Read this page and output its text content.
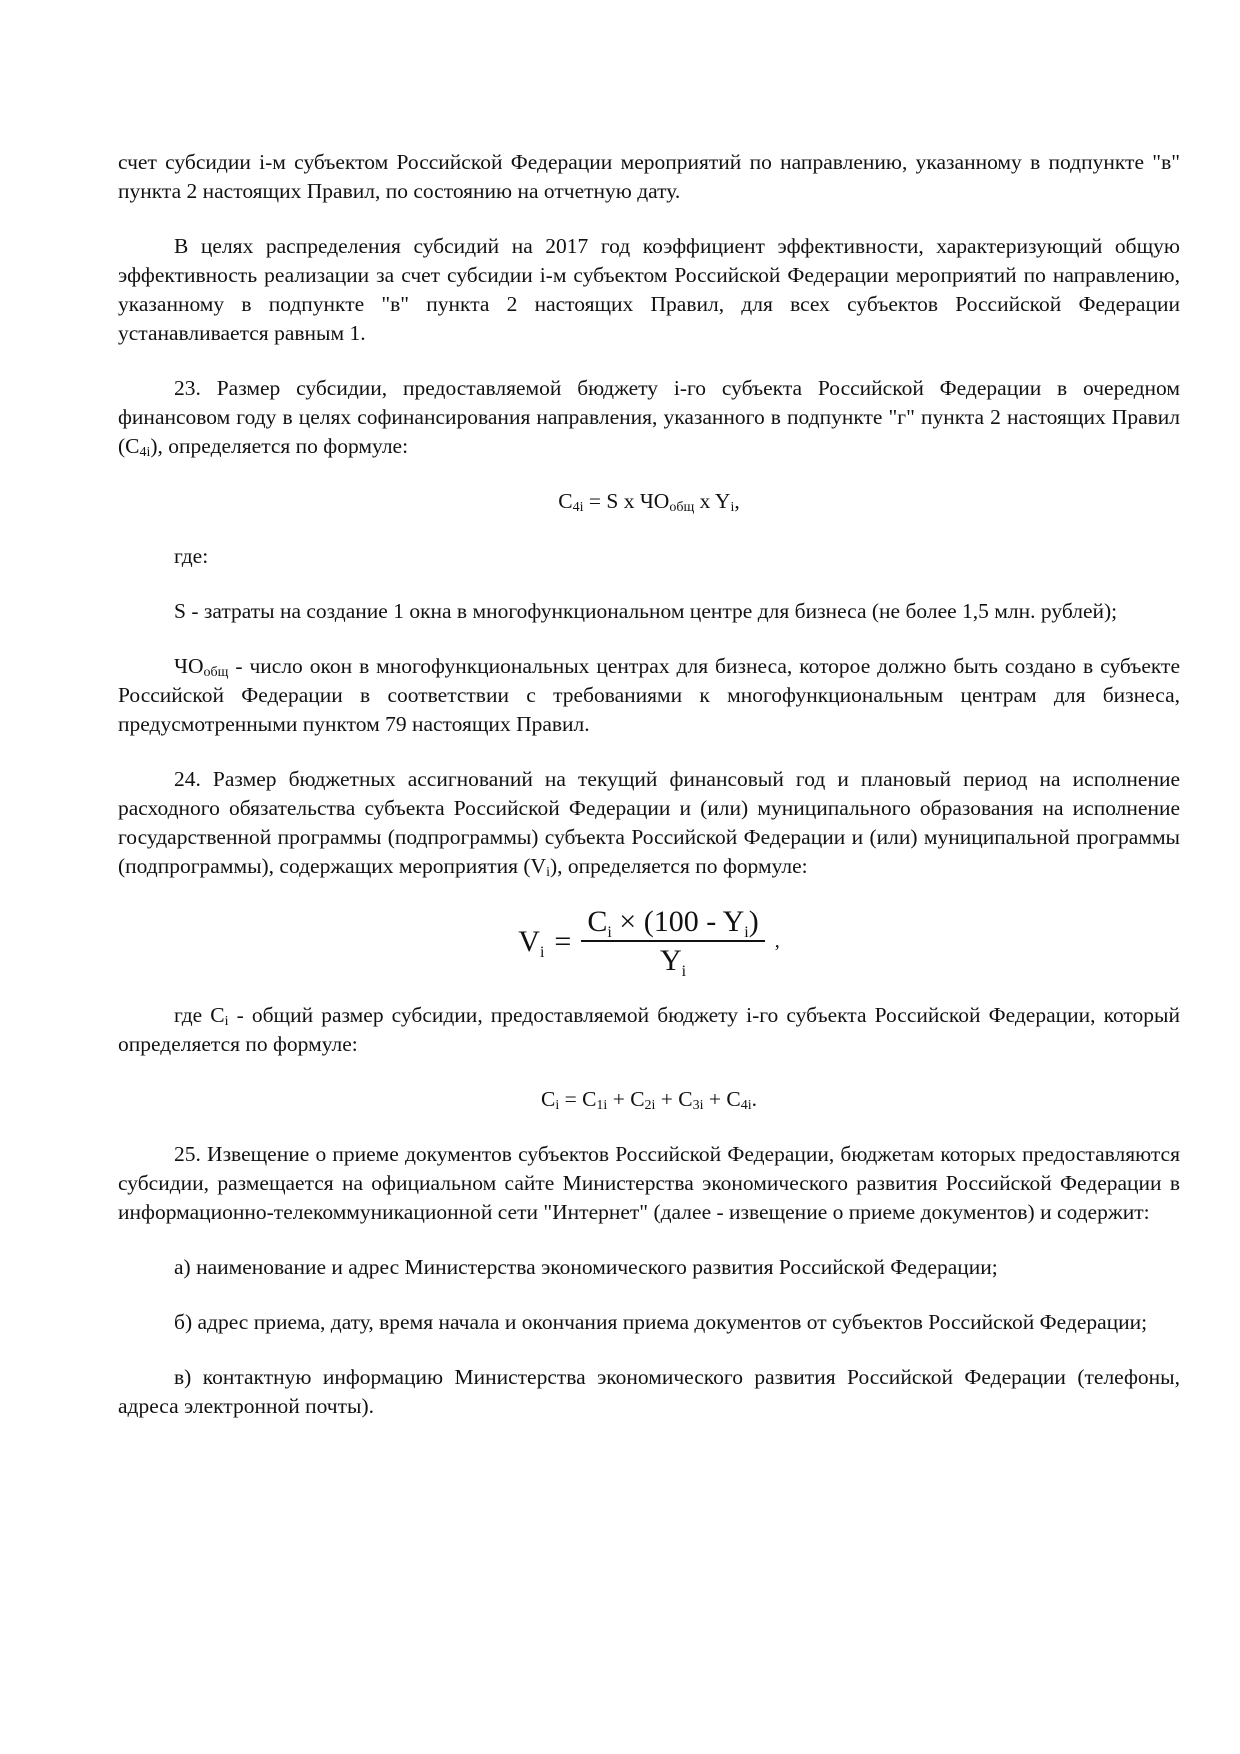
счет субсидии i-м субъектом Российской Федерации мероприятий по направлению, указанному в подпункте "в" пункта 2 настоящих Правил, по состоянию на отчетную дату.

В целях распределения субсидий на 2017 год коэффициент эффективности, характеризующий общую эффективность реализации за счет субсидии i-м субъектом Российской Федерации мероприятий по направлению, указанному в подпункте "в" пункта 2 настоящих Правил, для всех субъектов Российской Федерации устанавливается равным 1.

23. Размер субсидии, предоставляемой бюджету i-го субъекта Российской Федерации в очередном финансовом году в целях софинансирования направления, указанного в подпункте "г" пункта 2 настоящих Правил $(C_{4i})$, определяется по формуле:

$C_{4i} = S$ x $ЧО_{общ}$ x $Y_i$,

где:

S - затраты на создание 1 окна в многофункциональном центре для бизнеса (не более 1,5 млн. рублей);

$ЧО_{общ}$ - число окон в многофункциональных центрах для бизнеса, которое должно быть создано в субъекте Российской Федерации в соответствии с требованиями к многофункциональным центрам для бизнеса, предусмотренными пунктом 79 настоящих Правил.

24. Размер бюджетных ассигнований на текущий финансовый год и плановый период на исполнение расходного обязательства субъекта Российской Федерации и (или) муниципального образования на исполнение государственной программы (подпрограммы) субъекта Российской Федерации и (или) муниципальной программы (подпрограммы), содержащих мероприятия $(V_i)$, определяется по формуле:

$V_i = \frac{C_i \times (100 - Y_i)}{Y_i}$ ,

где $C_i$ - общий размер субсидии, предоставляемой бюджету i-го субъекта Российской Федерации, который определяется по формуле:

$C_i = C_{1i} + C_{2i} + C_{3i} + C_{4i}$.

25. Извещение о приеме документов субъектов Российской Федерации, бюджетам которых предоставляются субсидии, размещается на официальном сайте Министерства экономического развития Российской Федерации в информационно-телекоммуникационной сети "Интернет" (далее - извещение о приеме документов) и содержит:

а) наименование и адрес Министерства экономического развития Российской Федерации;

б) адрес приема, дату, время начала и окончания приема документов от субъектов Российской Федерации;

в) контактную информацию Министерства экономического развития Российской Федерации (телефоны, адреса электронной почты).
